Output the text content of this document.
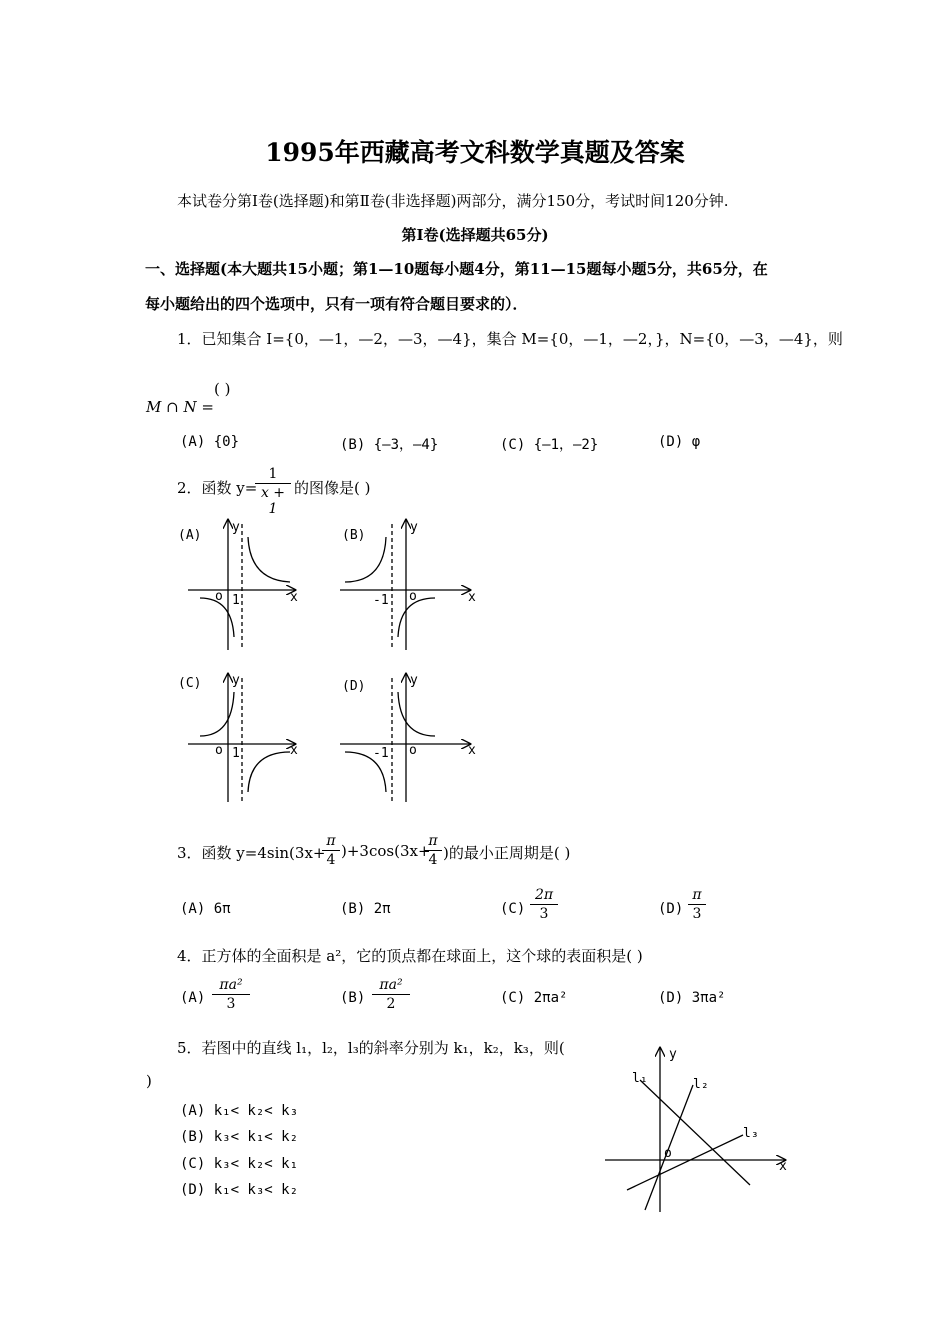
1995年西藏高考文科数学真题及答案
本试卷分第Ⅰ卷(选择题)和第Ⅱ卷(非选择题)两部分，满分150分，考试时间120分钟.
第Ⅰ卷(选择题共65分)
一、选择题(本大题共15小题；第1—10题每小题4分，第11—15题每小题5分，共65分，在
每小题给出的四个选项中，只有一项有符合题目要求的）．
1．已知集合 I={0，—1，—2，—3，—4}，集合 M={0，—1，—2，}，N={0，—3，—4}，则
( )
M ∩ N =
(A) {0}	(B) {—3，—4}	(C) {—1，—2}	(D) φ
2．函数 y=
1
x + 1
的图像是( )
(A)
y
x
o 1
(B)
y
x
o
-1
(C) y
x
o 1
(D)	y
x
o
-1
3．函数 y=4sin(3x+
π
4 )+3cos(3x+
π
4 )的最小正周期是( )
(A) 6π	(B) 2π	(C)
2π
3	(D)
π
3
4．正方体的全面积是 a²，它的顶点都在球面上，这个球的表面积是( )
(A)
πa²
3	(B)
πa²
2	(C) 2πa²	(D) 3πa²
5．若图中的直线 l₁，l₂，l₃的斜率分别为 k₁，k₂，k₃，则(
)
(A) k₁< k₂< k₃
(B) k₃< k₁< k₂
(C) k₃< k₂< k₁
(D) k₁< k₃< k₂
l₁	l₂
l₃
y
x
o
